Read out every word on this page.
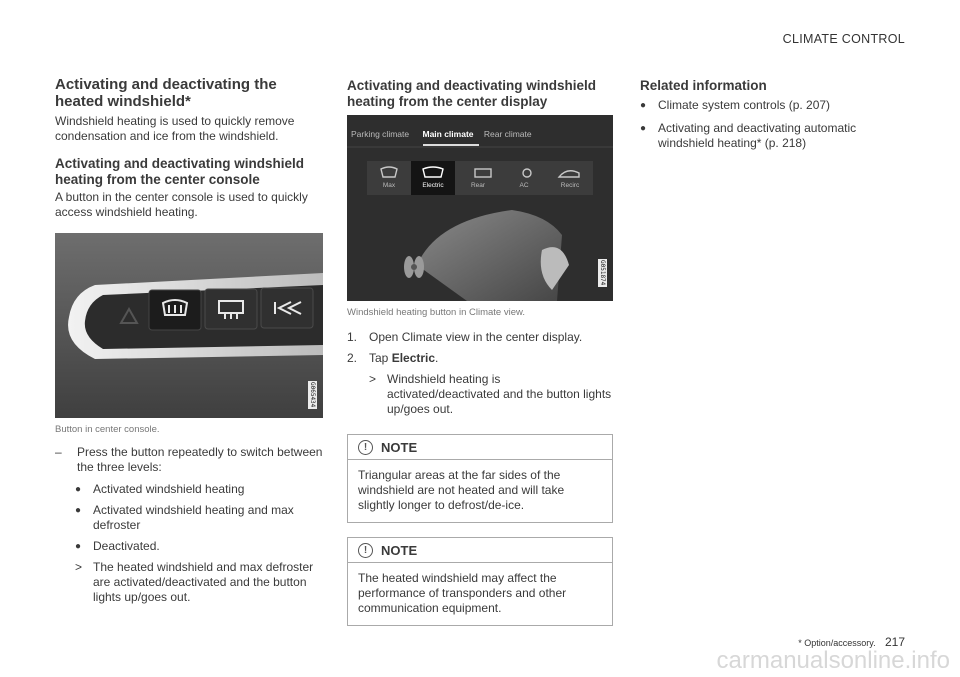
CLIMATE CONTROL
Activating and deactivating the heated windshield*

Windshield heating is used to quickly remove condensation and ice from the windshield.

Activating and deactivating windshield heating from the center console

A button in the center console is used to quickly access windshield heating.

G065434
Button in center console.
–	Press the button repeatedly to switch between the three levels:
● Activated windshield heating
● Activated windshield heating and max defroster
● Deactivated.
> The heated windshield and max defroster are activated/deactivated and the button lights up/goes out.
Activating and deactivating windshield heating from the center display
Parking climate Main climate Rear climate
Max	Electric	Rear	AC	Recirc
G051874
Windshield heating button in Climate view.
1. Open Climate view in the center display.
2. Tap Electric.
> Windshield heating is activated/deactivated and the button lights up/goes out.
!	NOTE
Triangular areas at the far sides of the windshield are not heated and will take slightly longer to defrost/de-ice.
!	NOTE
The heated windshield may affect the performance of transponders and other communication equipment.
Related information
● Climate system controls (p. 207)
● Activating and deactivating automatic windshield heating* (p. 218)
* Option/accessory. 217
carmanualsonline.info
